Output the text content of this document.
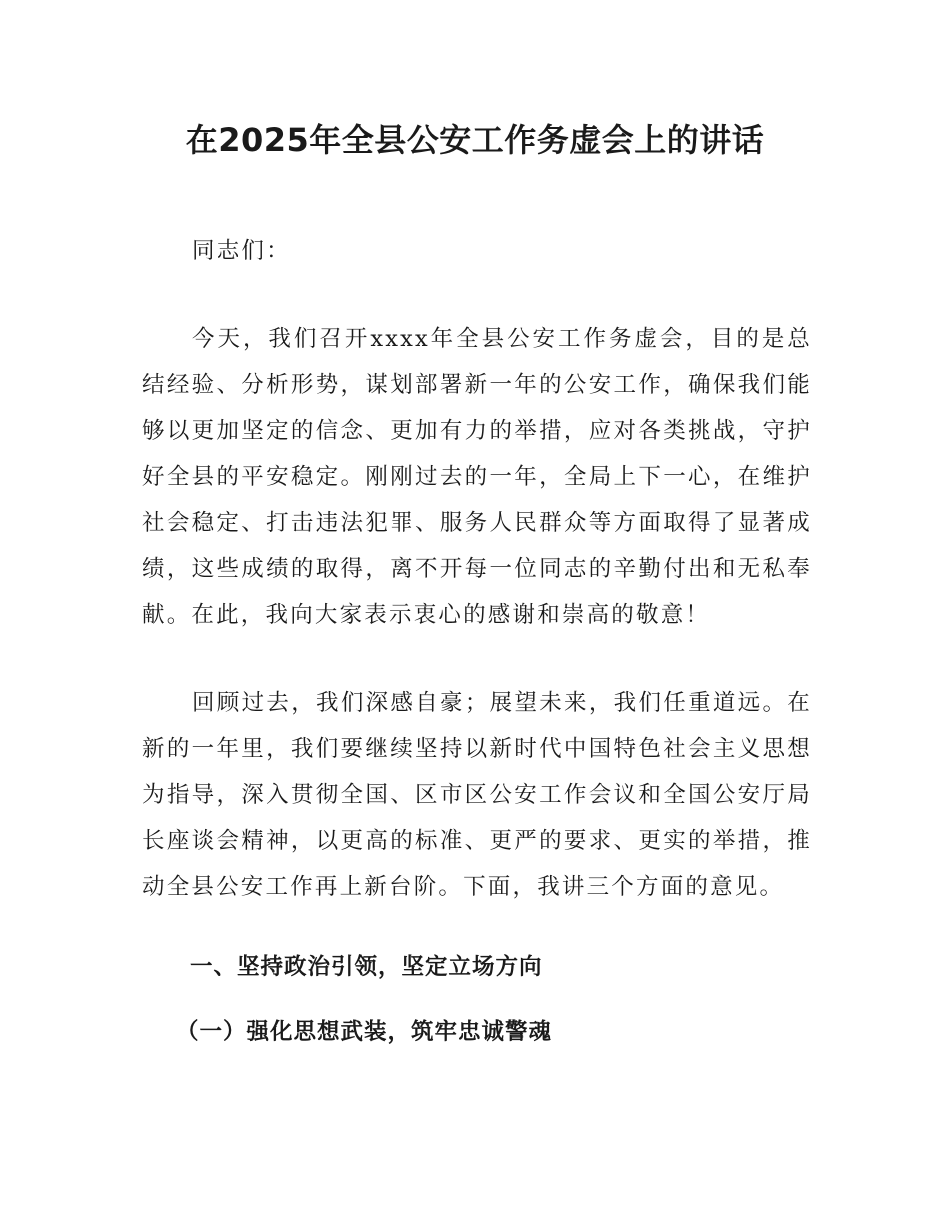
在2025年全县公安工作务虚会上的讲话

同志们：

今天，我们召开xxxx年全县公安工作务虚会，目的是总结经验、分析形势，谋划部署新一年的公安工作，确保我们能够以更加坚定的信念、更加有力的举措，应对各类挑战，守护好全县的平安稳定。刚刚过去的一年，全局上下一心，在维护社会稳定、打击违法犯罪、服务人民群众等方面取得了显著成绩，这些成绩的取得，离不开每一位同志的辛勤付出和无私奉献。在此，我向大家表示衷心的感谢和崇高的敬意！

回顾过去，我们深感自豪；展望未来，我们任重道远。在新的一年里，我们要继续坚持以新时代中国特色社会主义思想为指导，深入贯彻全国、区市区公安工作会议和全国公安厅局长座谈会精神，以更高的标准、更严的要求、更实的举措，推动全县公安工作再上新台阶。下面，我讲三个方面的意见。

一、坚持政治引领，坚定立场方向

（一）强化思想武装，筑牢忠诚警魂
